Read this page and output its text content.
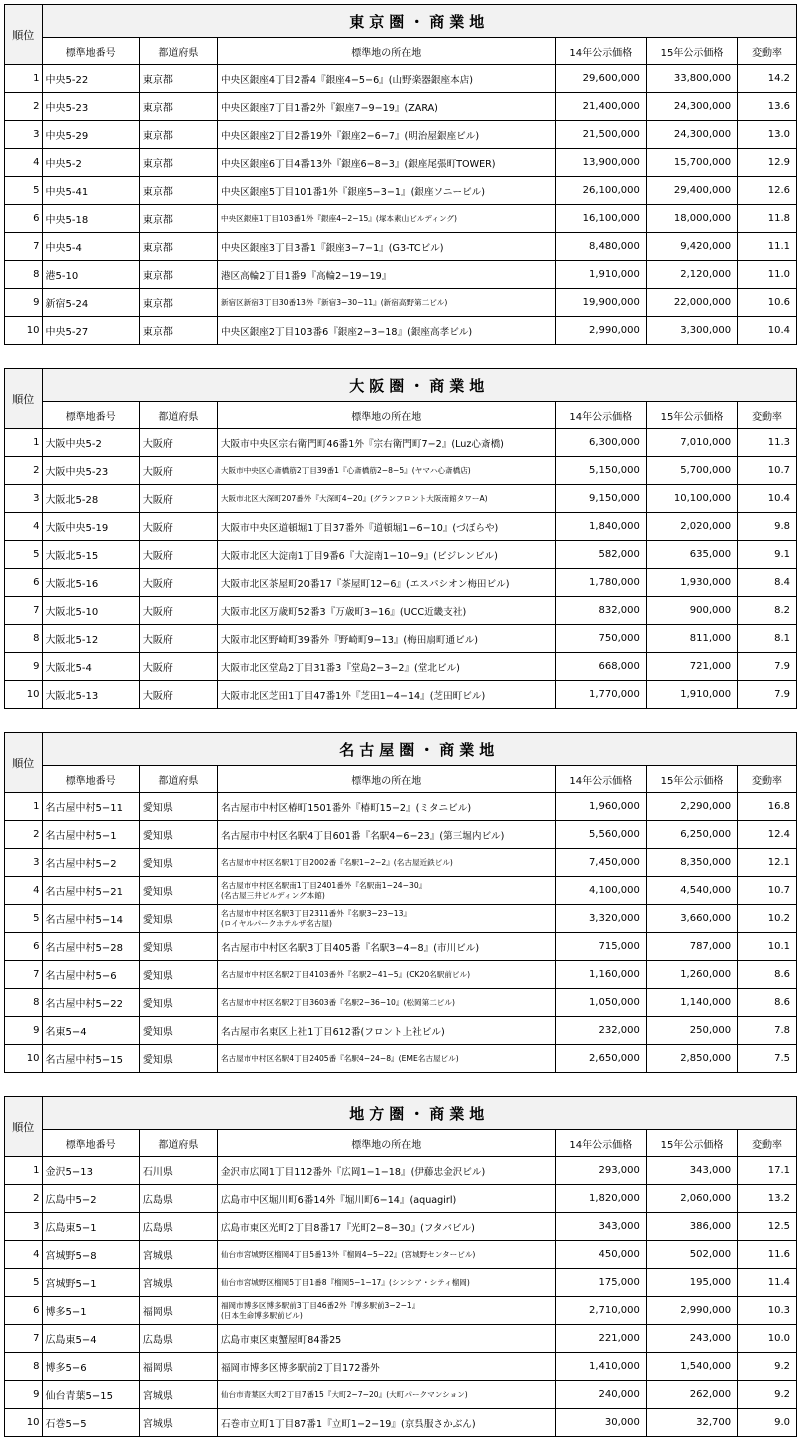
順位	東京圏・商業地					
	標準地番号	都道府県	標準地の所在地	14年公示価格	15年公示価格	変動率
1	中央5-22	東京都	中央区銀座4丁目2番4『銀座4−5−6』(山野楽器銀座本店)	29,600,000	33,800,000	14.2
2	中央5-23	東京都	中央区銀座7丁目1番2外『銀座7−9−19』(ZARA)	21,400,000	24,300,000	13.6
3	中央5-29	東京都	中央区銀座2丁目2番19外『銀座2−6−7』(明治屋銀座ビル)	21,500,000	24,300,000	13.0
4	中央5-2	東京都	中央区銀座6丁目4番13外『銀座6−8−3』(銀座尾張町TOWER)	13,900,000	15,700,000	12.9
5	中央5-41	東京都	中央区銀座5丁目101番1外『銀座5−3−1』(銀座ソニービル)	26,100,000	29,400,000	12.6
6	中央5-18	東京都	中央区銀座1丁目103番1外『銀座4−2−15』(塚本素山ビルディング)	16,100,000	18,000,000	11.8
7	中央5-4	東京都	中央区銀座3丁目3番1『銀座3−7−1』(G3-TCビル)	8,480,000	9,420,000	11.1
8	港5-10	東京都	港区高輪2丁目1番9『高輪2−19−19』	1,910,000	2,120,000	11.0
9	新宿5-24	東京都	新宿区新宿3丁目30番13外『新宿3−30−11』(新宿高野第二ビル)	19,900,000	22,000,000	10.6
10	中央5-27	東京都	中央区銀座2丁目103番6『銀座2−3−18』(銀座高孝ビル)	2,990,000	3,300,000	10.4
順位	大阪圏・商業地					
	標準地番号	都道府県	標準地の所在地	14年公示価格	15年公示価格	変動率
1	大阪中央5-2	大阪府	大阪市中央区宗右衛門町46番1外『宗右衛門町7−2』(Luz心斎橋)	6,300,000	7,010,000	11.3
2	大阪中央5-23	大阪府	大阪市中央区心斎橋筋2丁目39番1『心斎橋筋2−8−5』(ヤマハ心斎橋店)	5,150,000	5,700,000	10.7
3	大阪北5-28	大阪府	大阪市北区大深町207番外『大深町4−20』(グランフロント大阪南館タワーA)	9,150,000	10,100,000	10.4
4	大阪中央5-19	大阪府	大阪市中央区道頓堀1丁目37番外『道頓堀1−6−10』(づぼらや)	1,840,000	2,020,000	9.8
5	大阪北5-15	大阪府	大阪市北区大淀南1丁目9番6『大淀南1−10−9』(ビジレンビル)	582,000	635,000	9.1
6	大阪北5-16	大阪府	大阪市北区茶屋町20番17『茶屋町12−6』(エスパシオン梅田ビル)	1,780,000	1,930,000	8.4
7	大阪北5-10	大阪府	大阪市北区万歳町52番3『万歳町3−16』(UCC近畿支社)	832,000	900,000	8.2
8	大阪北5-12	大阪府	大阪市北区野崎町39番外『野崎町9−13』(梅田扇町通ビル)	750,000	811,000	8.1
9	大阪北5-4	大阪府	大阪市北区堂島2丁目31番3『堂島2−3−2』(堂北ビル)	668,000	721,000	7.9
10	大阪北5-13	大阪府	大阪市北区芝田1丁目47番1外『芝田1−4−14』(芝田町ビル)	1,770,000	1,910,000	7.9
順位	名古屋圏・商業地					
	標準地番号	都道府県	標準地の所在地	14年公示価格	15年公示価格	変動率
1	名古屋中村5−11	愛知県	名古屋市中村区椿町1501番外『椿町15−2』(ミタニビル)	1,960,000	2,290,000	16.8
2	名古屋中村5−1	愛知県	名古屋市中村区名駅4丁目601番『名駅4−6−23』(第三堀内ビル)	5,560,000	6,250,000	12.4
3	名古屋中村5−2	愛知県	名古屋市中村区名駅1丁目2002番『名駅1−2−2』(名古屋近鉄ビル)	7,450,000	8,350,000	12.1
4	名古屋中村5−21	愛知県	名古屋市中村区名駅南1丁目2401番外『名駅南1−24−30』
(名古屋三井ビルディング本館)	4,100,000	4,540,000	10.7
5	名古屋中村5−14	愛知県	名古屋市中村区名駅3丁目2311番外『名駅3−23−13』
(ロイヤルパークホテルザ名古屋)	3,320,000	3,660,000	10.2
6	名古屋中村5−28	愛知県	名古屋市中村区名駅3丁目405番『名駅3−4−8』(市川ビル)	715,000	787,000	10.1
7	名古屋中村5−6	愛知県	名古屋市中村区名駅2丁目4103番外『名駅2−41−5』(CK20名駅前ビル)	1,160,000	1,260,000	8.6
8	名古屋中村5−22	愛知県	名古屋市中村区名駅2丁目3603番『名駅2−36−10』(松岡第二ビル)	1,050,000	1,140,000	8.6
9	名東5−4	愛知県	名古屋市名東区上社1丁目612番(フロント上社ビル)	232,000	250,000	7.8
10	名古屋中村5−15	愛知県	名古屋市中村区名駅4丁目2405番『名駅4−24−8』(EME名古屋ビル)	2,650,000	2,850,000	7.5
順位	地方圏・商業地					
	標準地番号	都道府県	標準地の所在地	14年公示価格	15年公示価格	変動率
1	金沢5−13	石川県	金沢市広岡1丁目112番外『広岡1−1−18』(伊藤忠金沢ビル)	293,000	343,000	17.1
2	広島中5−2	広島県	広島市中区堀川町6番14外『堀川町6−14』(aquagirl)	1,820,000	2,060,000	13.2
3	広島東5−1	広島県	広島市東区光町2丁目8番17『光町2−8−30』(フタバビル)	343,000	386,000	12.5
4	宮城野5−8	宮城県	仙台市宮城野区榴岡4丁目5番13外『榴岡4−5−22』(宮城野センタービル)	450,000	502,000	11.6
5	宮城野5−1	宮城県	仙台市宮城野区榴岡5丁目1番8『榴岡5−1−17』(シンシア・シティ榴岡)	175,000	195,000	11.4
6	博多5−1	福岡県	福岡市博多区博多駅前3丁目46番2外『博多駅前3−2−1』
(日本生命博多駅前ビル)	2,710,000	2,990,000	10.3
7	広島東5−4	広島県	広島市東区東蟹屋町84番25	221,000	243,000	10.0
8	博多5−6	福岡県	福岡市博多区博多駅前2丁目172番外	1,410,000	1,540,000	9.2
9	仙台青葉5−15	宮城県	仙台市青葉区大町2丁目7番15『大町2−7−20』(大町パークマンション)	240,000	262,000	9.2
10	石巻5−5	宮城県	石巻市立町1丁目87番1『立町1−2−19』(京呉服さかぶん)	30,000	32,700	9.0
